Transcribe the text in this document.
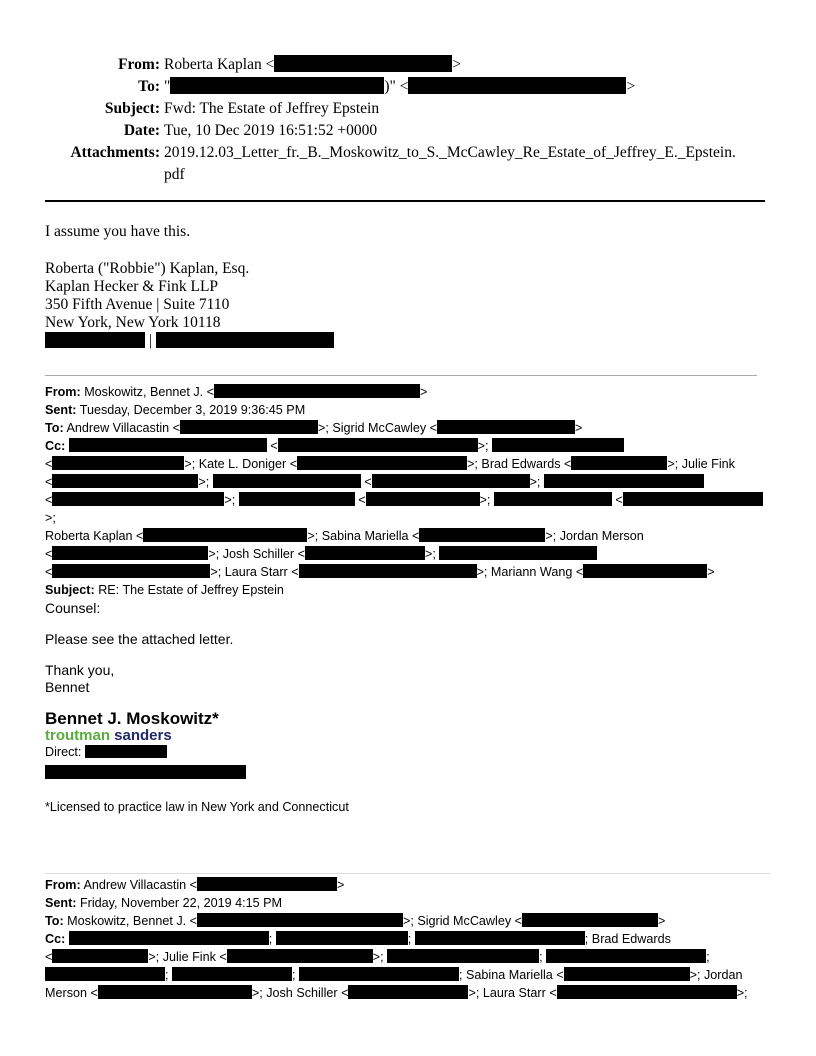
From: Roberta Kaplan <	>
To: "	)" <	>
Subject: Fwd: The Estate of Jeffrey Epstein
Date: Tue, 10 Dec 2019 16:51:52 +0000
Attachments: 2019.12.03_Letter_fr._B._Moskowitz_to_S._McCawley_Re_Estate_of_Jeffrey_E._Epstein.
pdf
I assume you have this.
Roberta ("Robbie") Kaplan, Esq.
Kaplan Hecker & Fink LLP
350 Fifth Avenue | Suite 7110
New York, New York 10118
|
From: Moskowitz, Bennet J. <	>
Sent: Tuesday, December 3, 2019 9:36:45 PM
To: Andrew Villacastin <	>; Sigrid McCawley <	>
Cc:	<	>;
<	>; Kate L. Doniger <	>; Brad Edwards <	>; Julie Fink
<	>;	<	>;
<	>;	<	>;	<>;
Roberta Kaplan <	>; Sabina Mariella <	>; Jordan Merson
<	>; Josh Schiller <	>;
<	>; Laura Starr <	>; Mariann Wang <	>
Subject: RE: The Estate of Jeffrey Epstein
Counsel:
Please see the attached letter.
Thank you,
Bennet
Bennet J. Moskowitz*
troutman sanders
Direct:
*Licensed to practice law in New York and Connecticut
From: Andrew Villacastin <	>
Sent: Friday, November 22, 2019 4:15 PM
To: Moskowitz, Bennet J. <	>; Sigrid McCawley <	>
Cc:	;	;	; Brad Edwards
<	>; Julie Fink <	>;	;	;
;	;	; Sabina Mariella <	>; Jordan
Merson <	>; Josh Schiller <	>; Laura Starr <	>;
